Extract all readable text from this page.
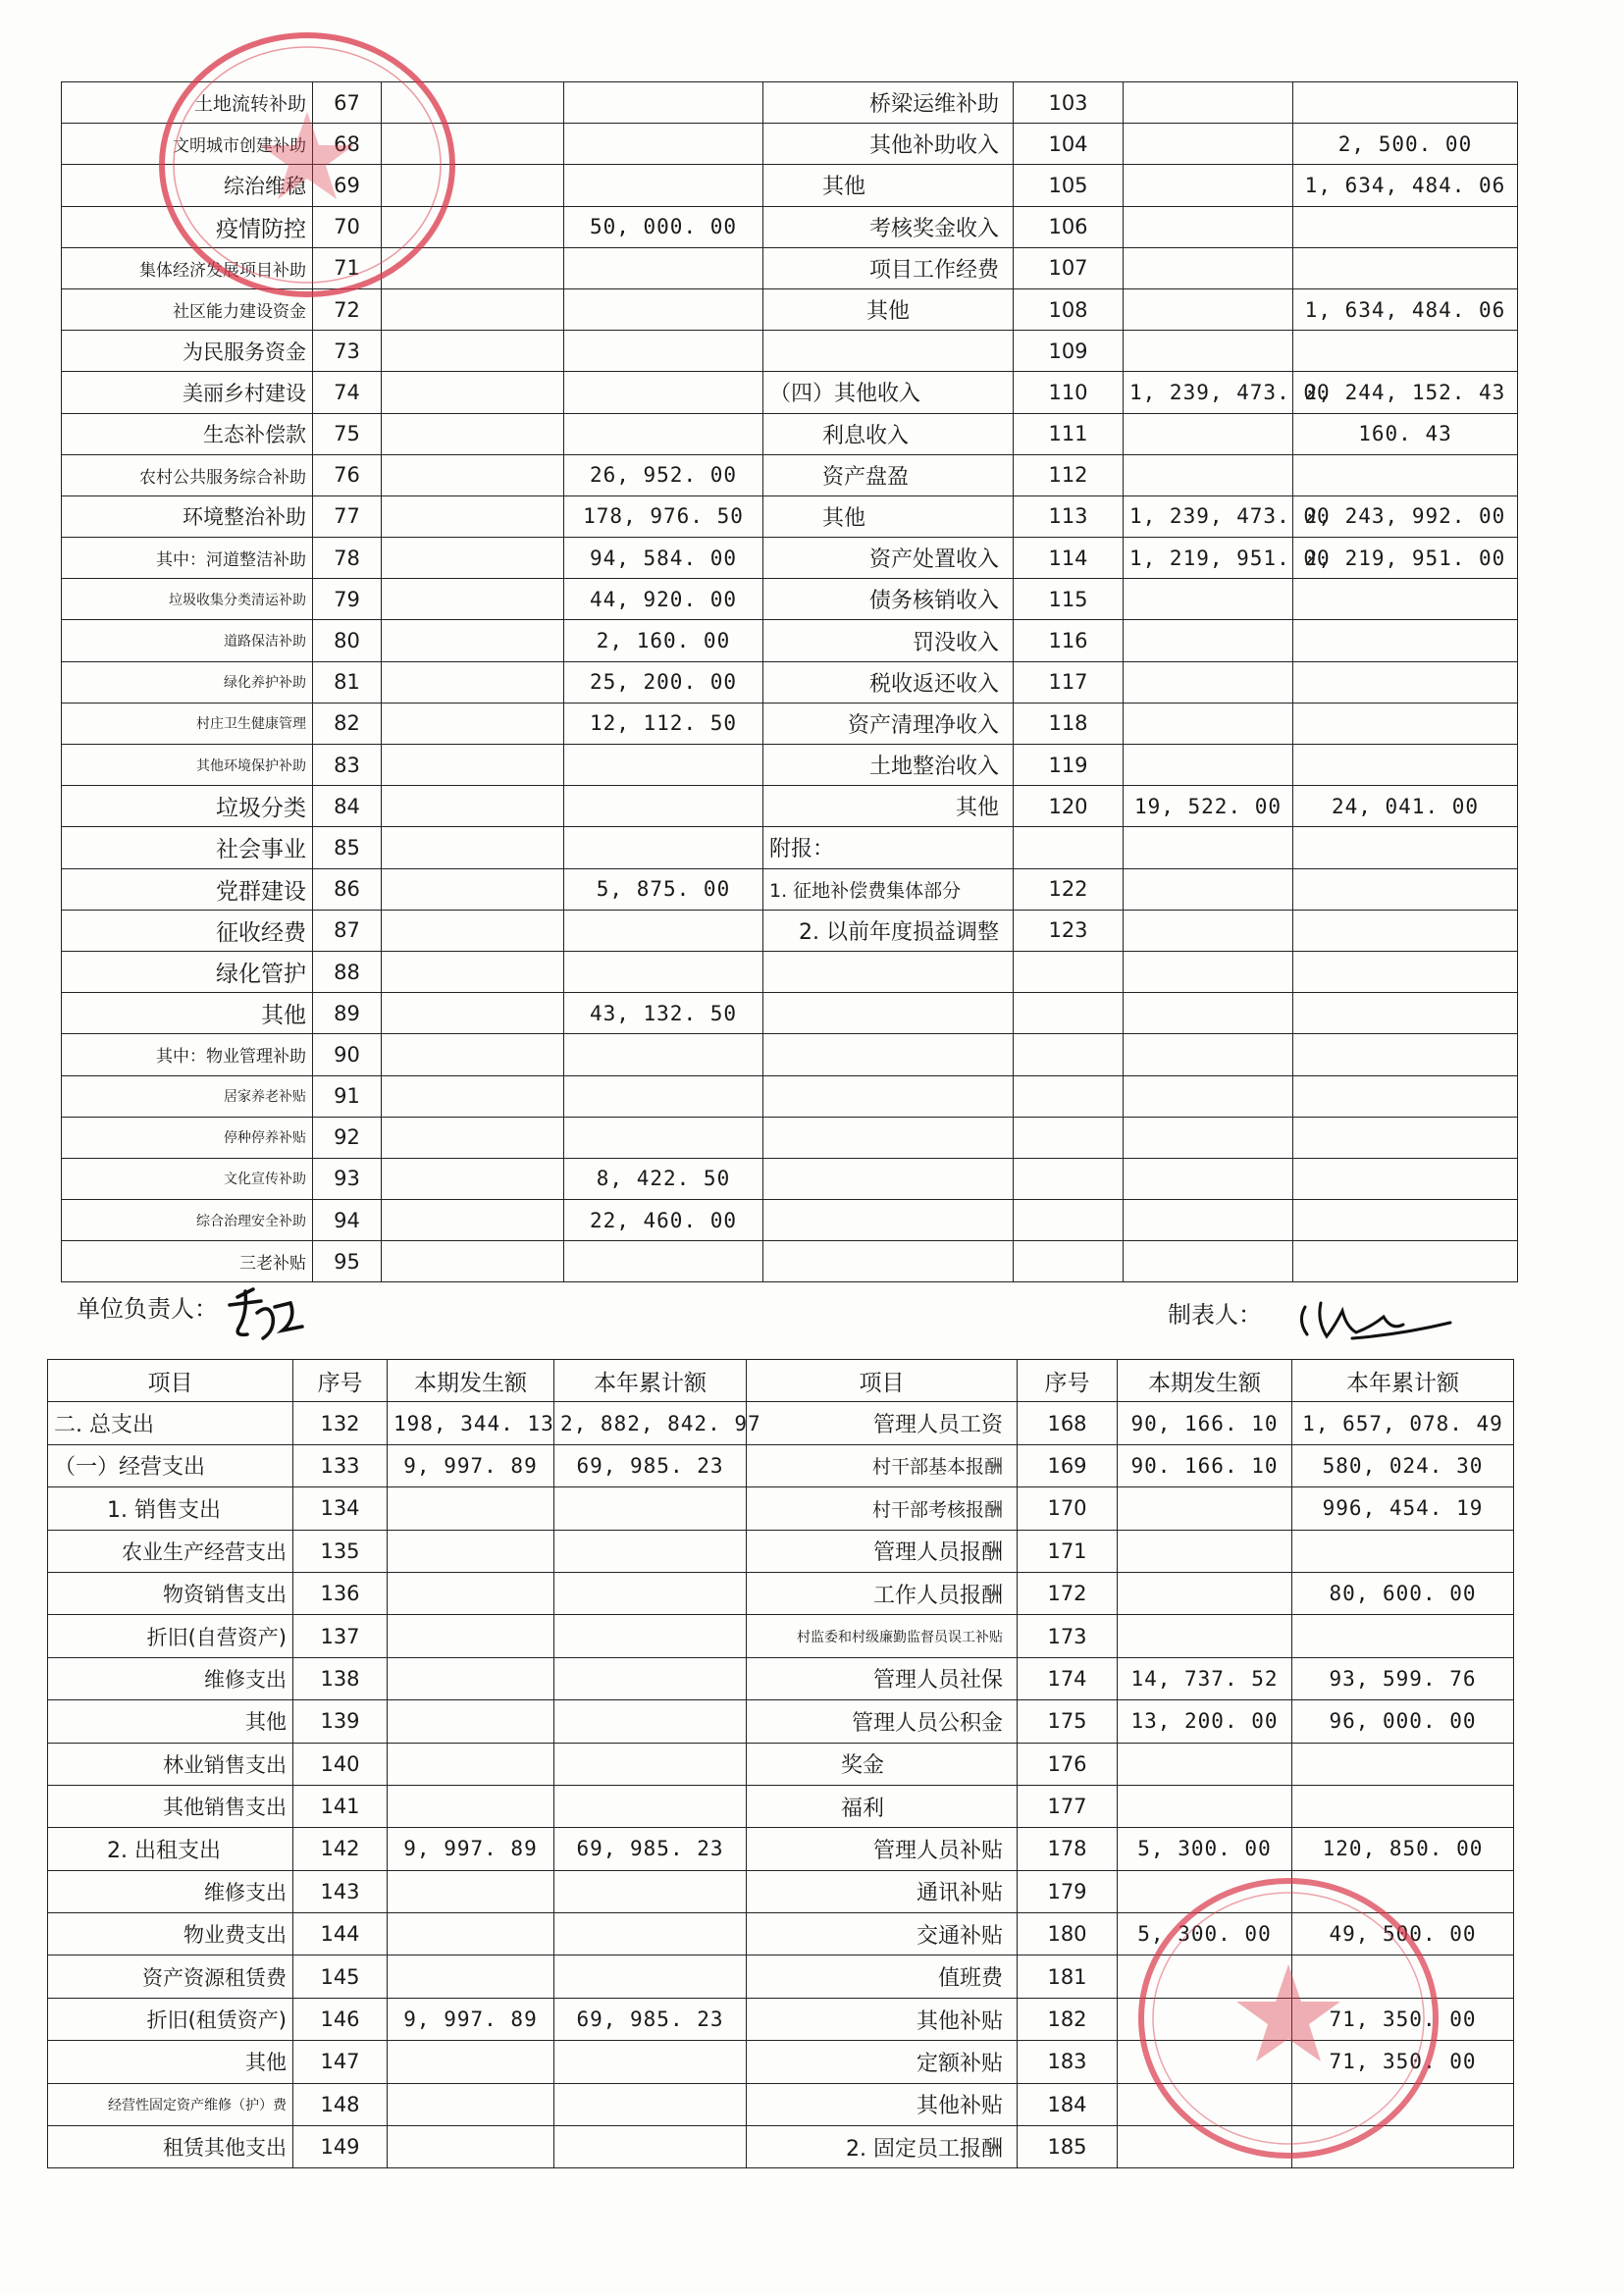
土地流转补助	67			桥梁运维补助	103		
文明城市创建补助	68			其他补助收入	104		2, 500. 00
综治维稳	69			其他	105		1, 634, 484. 06
疫情防控	70		50, 000. 00	考核奖金收入	106		
集体经济发展项目补助	71			项目工作经费	107		
社区能力建设资金	72			其他	108		1, 634, 484. 06
为民服务资金	73				109		
美丽乡村建设	74			（四）其他收入	110	1, 239, 473. 00	2, 244, 152. 43
生态补偿款	75			利息收入	111		160. 43
农村公共服务综合补助	76		26, 952. 00	资产盘盈	112		
环境整治补助	77		178, 976. 50	其他	113	1, 239, 473. 00	2, 243, 992. 00
其中：河道整洁补助	78		94, 584. 00	资产处置收入	114	1, 219, 951. 00	2, 219, 951. 00
垃圾收集分类清运补助	79		44, 920. 00	债务核销收入	115		
道路保洁补助	80		2, 160. 00	罚没收入	116		
绿化养护补助	81		25, 200. 00	税收返还收入	117		
村庄卫生健康管理	82		12, 112. 50	资产清理净收入	118		
其他环境保护补助	83			土地整治收入	119		
垃圾分类	84			其他	120	19, 522. 00	24, 041. 00
社会事业	85			附报：			
党群建设	86		5, 875. 00	1. 征地补偿费集体部分	122		
征收经费	87			2. 以前年度损益调整	123		
绿化管护	88						
其他	89		43, 132. 50				
其中：物业管理补助	90						
居家养老补贴	91						
停种停养补贴	92						
文化宣传补助	93		8, 422. 50				
综合治理安全补助	94		22, 460. 00				
三老补贴	95						
单位负责人：	制表人：
项目	序号	本期发生额	本年累计额	项目	序号	本期发生额	本年累计额
二. 总支出	132	198, 344. 13	2, 882, 842. 97	管理人员工资	168	90, 166. 10	1, 657, 078. 49
（一）经营支出	133	9, 997. 89	69, 985. 23	村干部基本报酬	169	90. 166. 10	580, 024. 30
1. 销售支出	134			村干部考核报酬	170		996, 454. 19
农业生产经营支出	135			管理人员报酬	171		
物资销售支出	136			工作人员报酬	172		80, 600. 00
折旧(自营资产)	137			村监委和村级廉勤监督员误工补贴	173		
维修支出	138			管理人员社保	174	14, 737. 52	93, 599. 76
其他	139			管理人员公积金	175	13, 200. 00	96, 000. 00
林业销售支出	140			奖金	176		
其他销售支出	141			福利	177		
2. 出租支出	142	9, 997. 89	69, 985. 23	管理人员补贴	178	5, 300. 00	120, 850. 00
维修支出	143			通讯补贴	179		
物业费支出	144			交通补贴	180	5, 300. 00	49, 500. 00
资产资源租赁费	145			值班费	181		
折旧(租赁资产)	146	9, 997. 89	69, 985. 23	其他补贴	182		71, 350. 00
其他	147			定额补贴	183		71, 350. 00
经营性固定资产维修（护）费	148			其他补贴	184		
租赁其他支出	149			2. 固定员工报酬	185		
